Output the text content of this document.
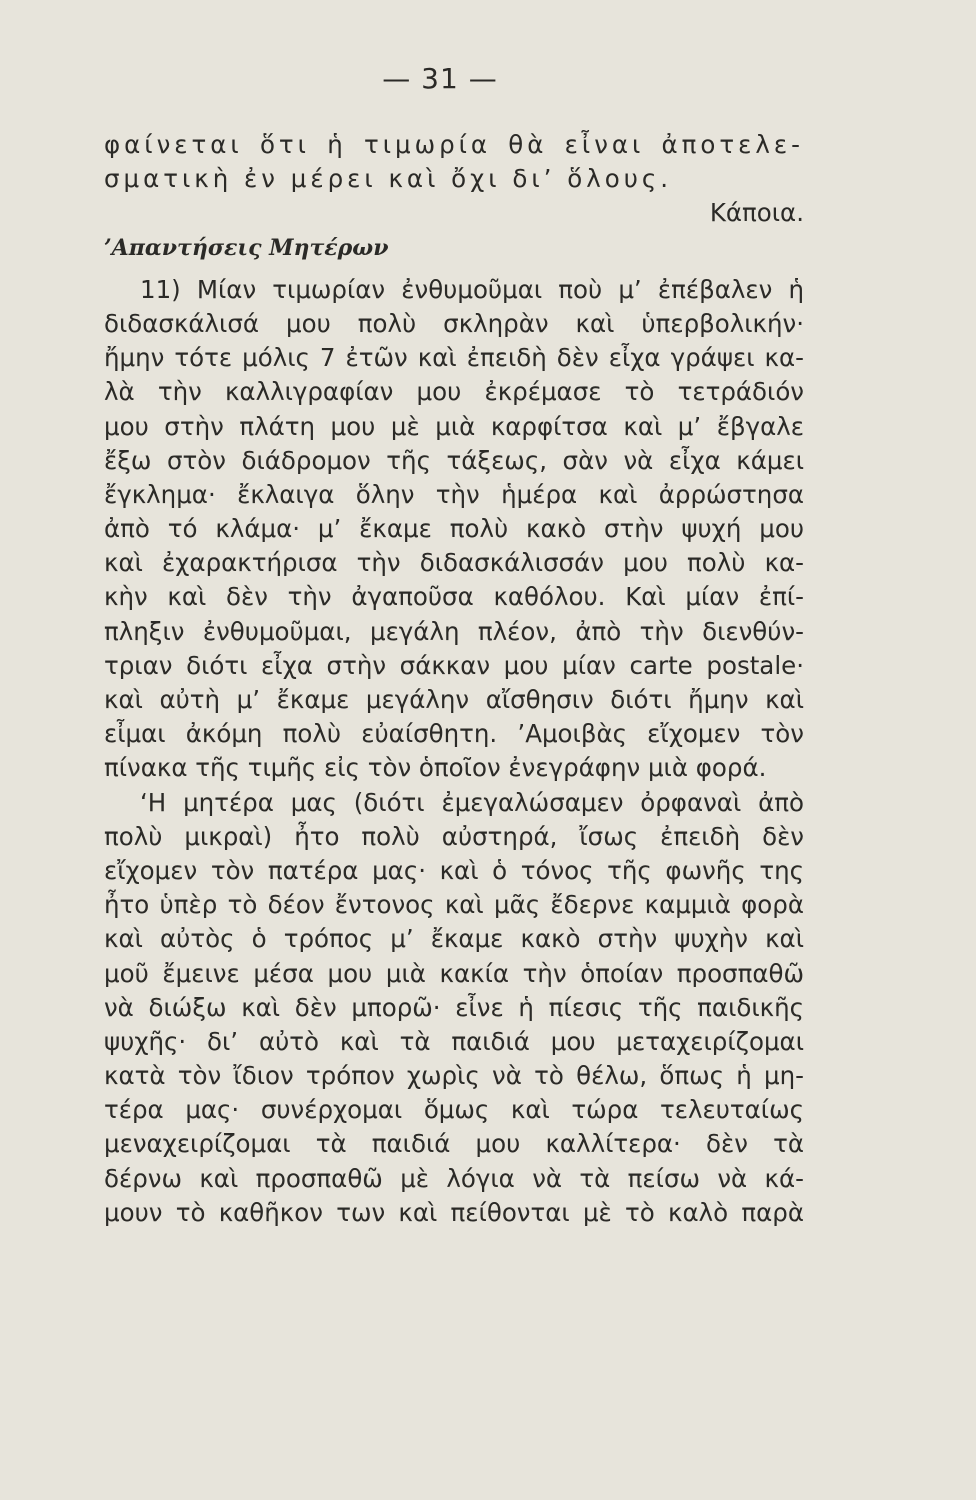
— 31 —
φαίνεται ὅτι ἡ τιμωρία θὰ εἶναι ἀποτελε-
σματικὴ ἐν μέρει καὶ ὄχι δι’ ὅλους.
Κάποια.
’Απαντήσεις Μητέρων
11) Μίαν τιμωρίαν ἐνθυμοῦμαι ποὺ μ’ ἐπέβαλεν ἡ
διδασκάλισά μου πολὺ σκληρὰν καὶ ὑπερβολικήν·
ἤμην τότε μόλις 7 ἐτῶν καὶ ἐπειδὴ δὲν εἶχα γράψει κα-
λὰ τὴν καλλιγραφίαν μου ἐκρέμασε τὸ τετράδιόν
μου στὴν πλάτη μου μὲ μιὰ καρφίτσα καὶ μ’ ἔβγαλε
ἔξω στὸν διάδρομον τῆς τάξεως, σὰν νὰ εἶχα κάμει
ἔγκλημα· ἔκλαιγα ὅλην τὴν ἡμέρα καὶ ἀρρώστησα
ἀπὸ τό κλάμα· μ’ ἔκαμε πολὺ κακὸ στὴν ψυχή μου
καὶ ἐχαρακτήρισα τὴν διδασκάλισσάν μου πολὺ κα-
κὴν καὶ δὲν τὴν ἀγαποῦσα καθόλου. Καὶ μίαν ἐπί-
πληξιν ἐνθυμοῦμαι, μεγάλη πλέον, ἀπὸ τὴν διενθύν-
τριαν διότι εἶχα στὴν σάκκαν μου μίαν carte postale·
καὶ αὐτὴ μ’ ἔκαμε μεγάλην αἴσθησιν διότι ἤμην καὶ
εἶμαι ἀκόμη πολὺ εὐαίσθητη. ’Αμοιβὰς εἴχομεν τὸν
πίνακα τῆς τιμῆς εἰς τὸν ὁποῖον ἐνεγράφην μιὰ φορά.
‘Η μητέρα μας (διότι ἐμεγαλώσαμεν ὀρφαναὶ ἀπὸ
πολὺ μικραὶ) ἦτο πολὺ αὐστηρά, ἴσως ἐπειδὴ δὲν
εἴχομεν τὸν πατέρα μας· καὶ ὁ τόνος τῆς φωνῆς της
ἦτο ὑπὲρ τὸ δέον ἔντονος καὶ μᾶς ἔδερνε καμμιὰ φορὰ
καὶ αὐτὸς ὁ τρόπος μ’ ἔκαμε κακὸ στὴν ψυχὴν καὶ
μοῦ ἔμεινε μέσα μου μιὰ κακία τὴν ὁποίαν προσπαθῶ
νὰ διώξω καὶ δὲν μπορῶ· εἶνε ἡ πίεσις τῆς παιδικῆς
ψυχῆς· δι’ αὐτὸ καὶ τὰ παιδιά μου μεταχειρίζομαι
κατὰ τὸν ἴδιον τρόπον χωρὶς νὰ τὸ θέλω, ὅπως ἡ μη-
τέρα μας· συνέρχομαι ὅμως καὶ τώρα τελευταίως
μεναχειρίζομαι τὰ παιδιά μου καλλίτερα· δὲν τὰ
δέρνω καὶ προσπαθῶ μὲ λόγια νὰ τὰ πείσω νὰ κά-
μουν τὸ καθῆκον των καὶ πείθονται μὲ τὸ καλὸ παρὰ
